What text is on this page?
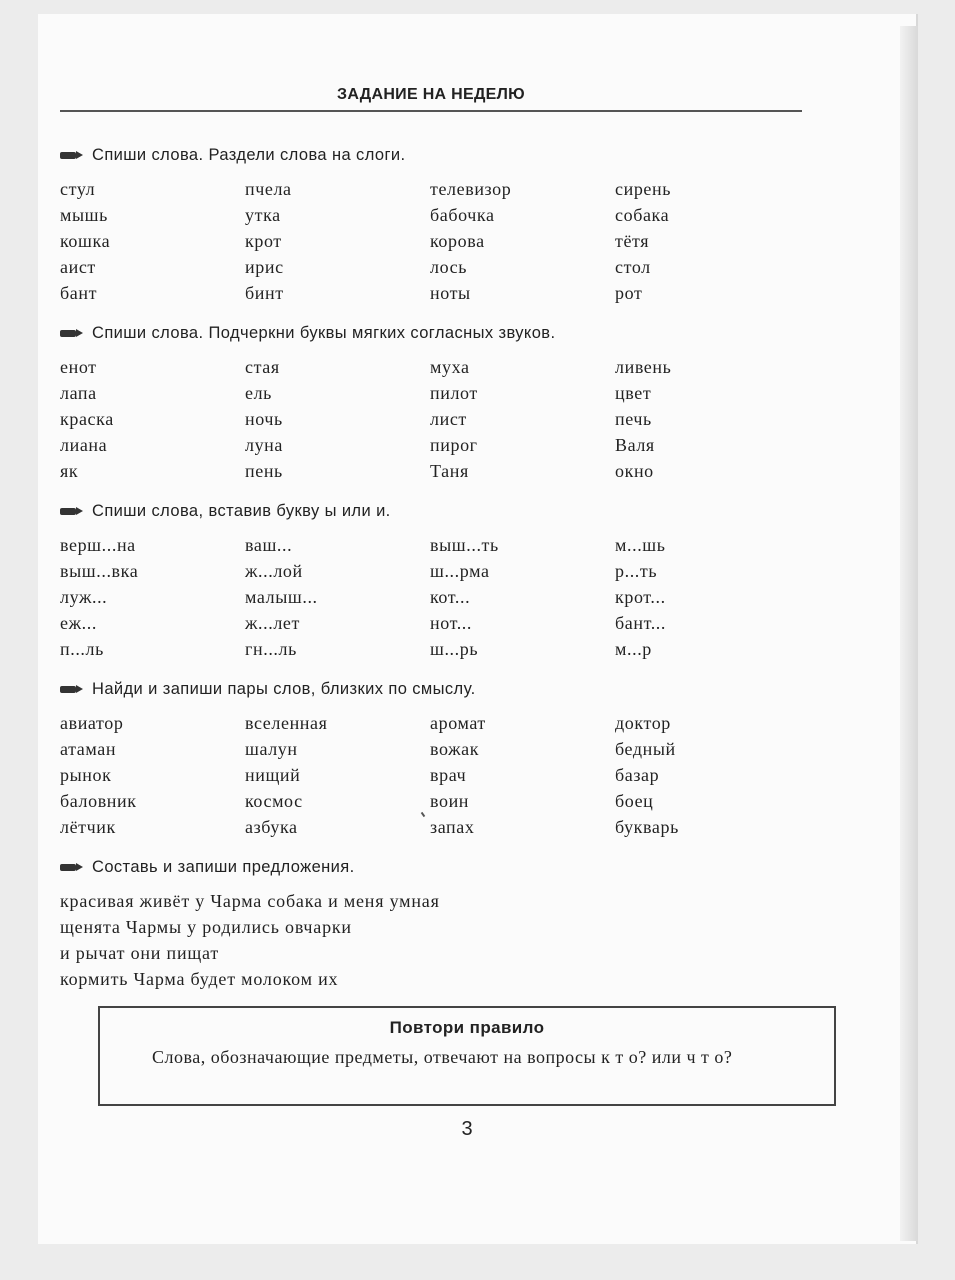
ЗАДАНИЕ НА НЕДЕЛЮ
Спиши слова. Раздели слова на слоги.
стул	пчела	телевизор	сирень
мышь	утка	бабочка	собака
кошка	крот	корова	тётя
аист	ирис	лось	стол
бант	бинт	ноты	рот
Спиши слова. Подчеркни буквы мягких согласных звуков.
енот	стая	муха	ливень
лапа	ель	пилот	цвет
краска	ночь	лист	печь
лиана	луна	пирог	Валя
як	пень	Таня	окно
Спиши слова, вставив букву ы или и.
верш...на	ваш...	выш...ть	м...шь
выш...вка	ж...лой	ш...рма	р...ть
луж...	малыш...	кот...	крот...
еж...	ж...лет	нот...	бант...
п...ль	гн...ль	ш...рь	м...р
Найди и запиши пары слов, близких по смыслу.
авиатор	вселенная	аромат	доктор
атаман	шалун	вожак	бедный
рынок	нищий	врач	базар
баловник	космос	воин	боец
лётчик	азбука	запах	букварь
Составь и запиши предложения.
красивая живёт у Чарма собака и меня умная
щенята Чармы у родились овчарки
и рычат они пищат
кормить Чарма будет молоком их
Повтори правило
Слова, обозначающие предметы, отвечают на вопросы к т о? или ч т о?
3
